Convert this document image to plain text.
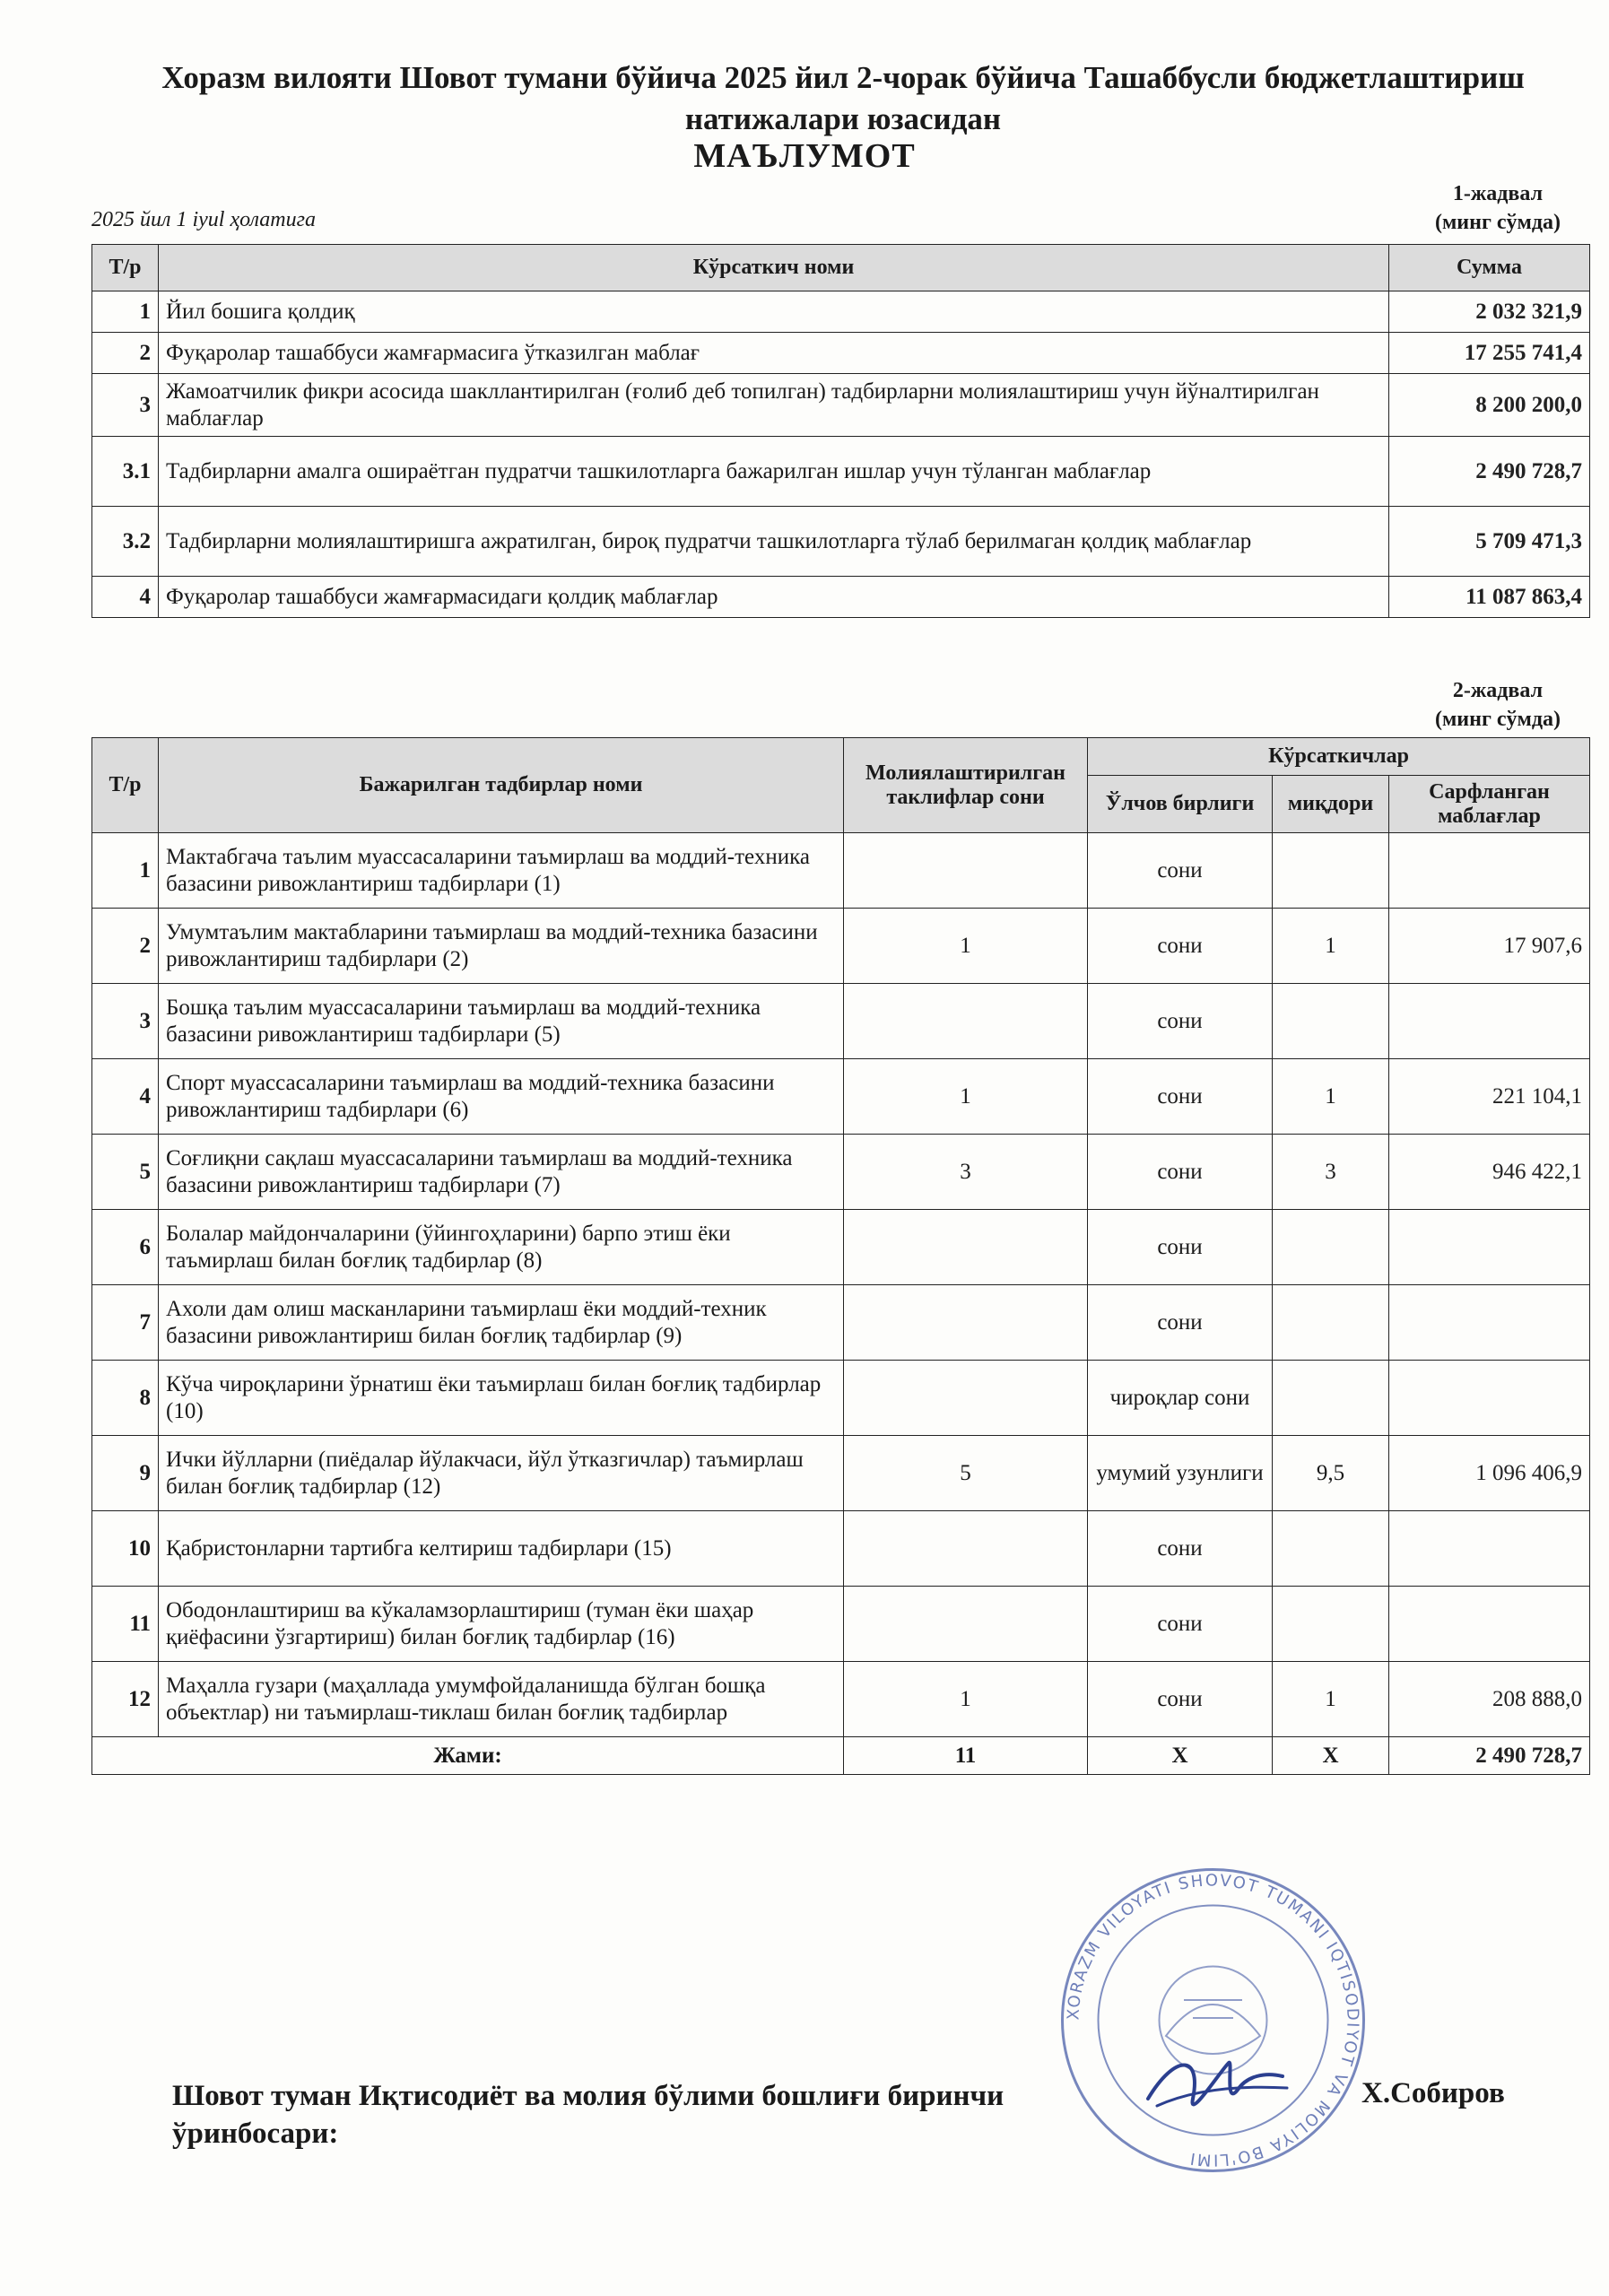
Хоразм вилояти Шовот тумани бўйича 2025 йил 2-чорак бўйича Ташаббусли бюджетлаштириш натижалари юзасидан
МАЪЛУМОТ
2025 йил 1 iyul ҳолатига
1-жадвал
(минг сўмда)
Т/р	Кўрсаткич номи	Сумма
1	Йил бошига қолдиқ	2 032 321,9
2	Фуқаролар ташаббуси жамғармасига ўтказилган маблағ	17 255 741,4
3	Жамоатчилик фикри асосида шакллантирилган (ғолиб деб топилган) тадбирларни молиялаштириш учун йўналтирилган маблағлар	8 200 200,0
3.1	Тадбирларни амалга ошираётган пудратчи ташкилотларга бажарилган ишлар учун тўланган маблағлар	2 490 728,7
3.2	Тадбирларни молиялаштиришга ажратилган, бироқ пудратчи ташкилотларга тўлаб берилмаган қолдиқ маблағлар	5 709 471,3
4	Фуқаролар ташаббуси жамғармасидаги қолдиқ маблағлар	11 087 863,4
2-жадвал
(минг сўмда)
Т/р	Бажарилган тадбирлар номи	Молиялаштирилган таклифлар сони	Кўрсаткичлар		
			Ўлчов бирлиги	миқдори	Сарфланган маблағлар
1	Мактабгача таълим муассасаларини таъмирлаш ва моддий-техника базасини ривожлантириш тадбирлари (1)		сони		
2	Умумтаълим мактабларини таъмирлаш ва моддий-техника базасини ривожлантириш тадбирлари (2)	1	сони	1	17 907,6
3	Бошқа таълим муассасаларини таъмирлаш ва моддий-техника базасини ривожлантириш тадбирлари (5)		сони		
4	Спорт муассасаларини таъмирлаш ва моддий-техника базасини ривожлантириш тадбирлари (6)	1	сони	1	221 104,1
5	Соғлиқни сақлаш муассасаларини таъмирлаш ва моддий-техника базасини ривожлантириш тадбирлари (7)	3	сони	3	946 422,1
6	Болалар майдончаларини (ўйингоҳларини) барпо этиш ёки таъмирлаш билан боғлиқ тадбирлар (8)		сони		
7	Ахоли дам олиш масканларини таъмирлаш ёки моддий-техник базасини ривожлантириш билан боғлиқ тадбирлар (9)		сони		
8	Кўча чироқларини ўрнатиш ёки таъмирлаш билан боғлиқ тадбирлар (10)		чироқлар сони		
9	Ички йўлларни (пиёдалар йўлакчаси, йўл ўтказгичлар) таъмирлаш билан боғлиқ тадбирлар (12)	5	умумий узунлиги	9,5	1 096 406,9
10	Қабристонларни тартибга келтириш тадбирлари (15)		сони		
11	Ободонлаштириш ва кўкаламзорлаштириш (туман ёки шаҳар қиёфасини ўзгартириш) билан боғлиқ тадбирлар (16)		сони		
12	Маҳалла гузари (маҳаллада умумфойдаланишда бўлган бошқа объектлар) ни таъмирлаш-тиклаш билан боғлиқ тадбирлар	1	сони	1	208 888,0
Жами:		11	X	X	2 490 728,7
XORAZM VILOYATI SHOVOT TUMANI IQTISODIYOT VA MOLIYA BO'LIMI
Шовот туман Иқтисодиёт ва молия бўлими бошлиғи биринчи ўринбосари:
Х.Собиров
